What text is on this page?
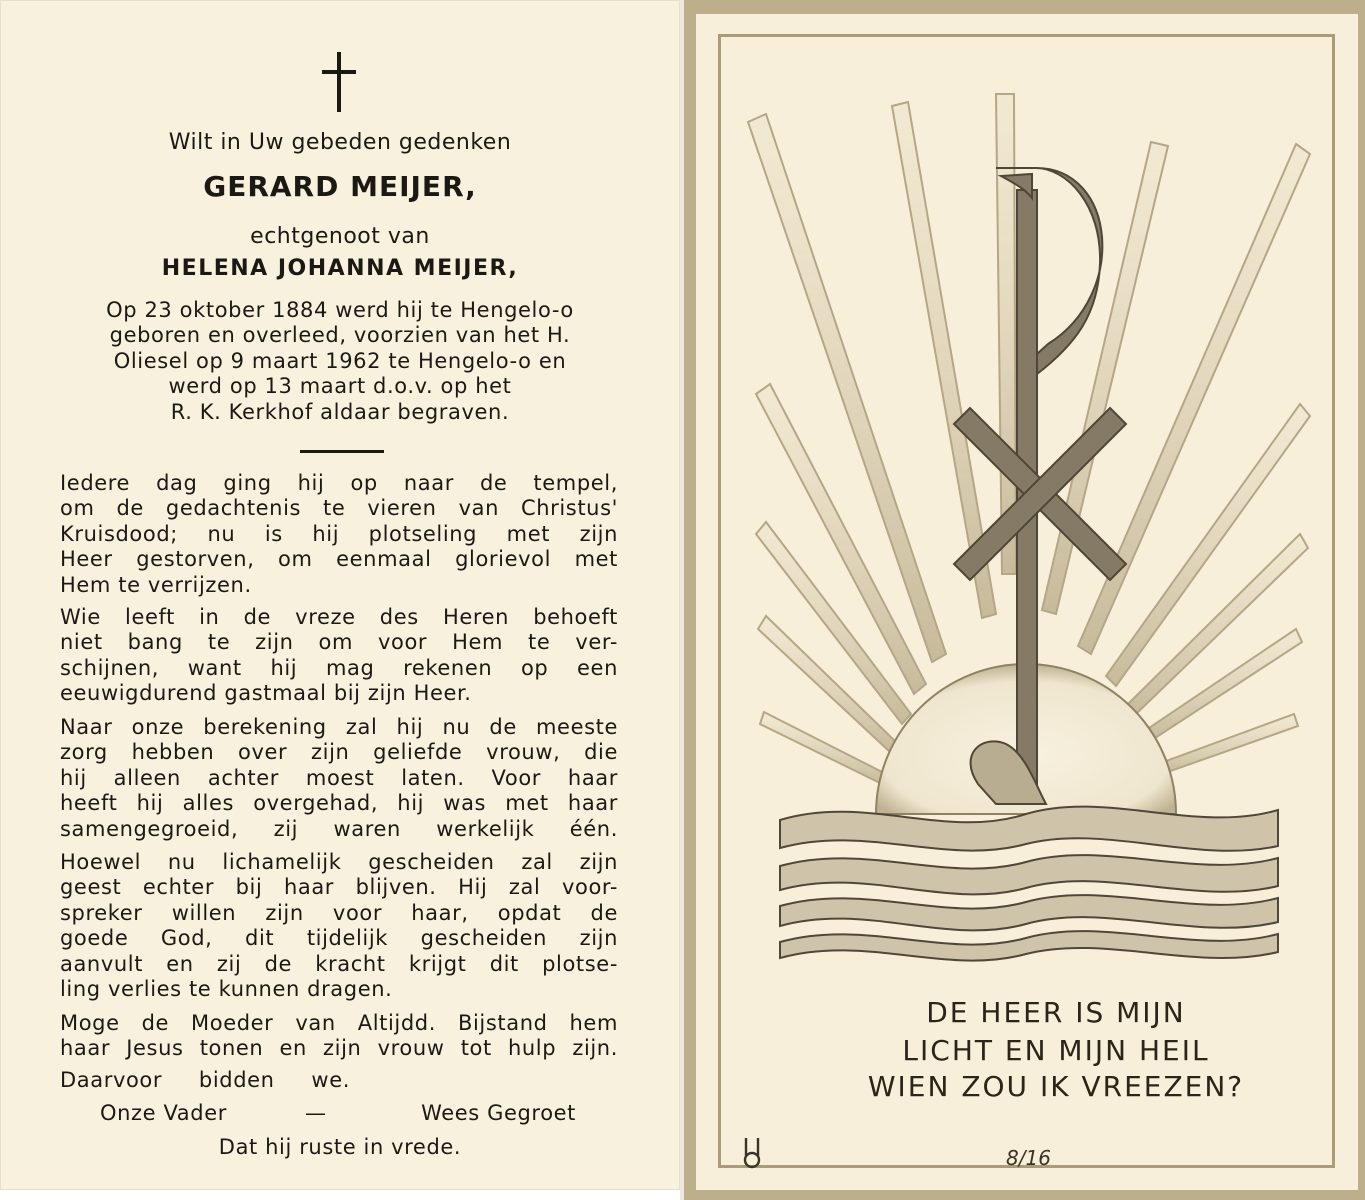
Wilt in Uw gebeden gedenken
GERARD MEIJER,
echtgenoot van
HELENA JOHANNA MEIJER,
Op 23 oktober 1884 werd hij te Hengelo-o
geboren en overleed, voorzien van het H.
Oliesel op 9 maart 1962 te Hengelo-o en
werd op 13 maart d.o.v. op het
R. K. Kerkhof aldaar begraven.
Iedere dag ging hij op naar de tempel,
om de gedachtenis te vieren van Christus'
Kruisdood; nu is hij plotseling met zijn
Heer gestorven, om eenmaal glorievol met
Hem te verrijzen.
Wie leeft in de vreze des Heren behoeft
niet bang te zijn om voor Hem te ver-
schijnen, want hij mag rekenen op een
eeuwigdurend gastmaal bij zijn Heer.
Naar onze berekening zal hij nu de meeste
zorg hebben over zijn geliefde vrouw, die
hij alleen achter moest laten. Voor haar
heeft hij alles overgehad, hij was met haar
samengegroeid, zij waren werkelijk één.
Hoewel nu lichamelijk gescheiden zal zijn
geest echter bij haar blijven. Hij zal voor-
spreker willen zijn voor haar, opdat de
goede God, dit tijdelijk gescheiden zijn
aanvult en zij de kracht krijgt dit plotse-
ling verlies te kunnen dragen.
Moge de Moeder van Altijdd. Bijstand hem
haar Jesus tonen en zijn vrouw tot hulp zijn.
Daarvoor bidden we.
Onze Vader	—	Wees Gegroet
Dat hij ruste in vrede.
DE HEER IS MIJN
LICHT EN MIJN HEIL
WIEN ZOU IK VREEZEN?
8/16
